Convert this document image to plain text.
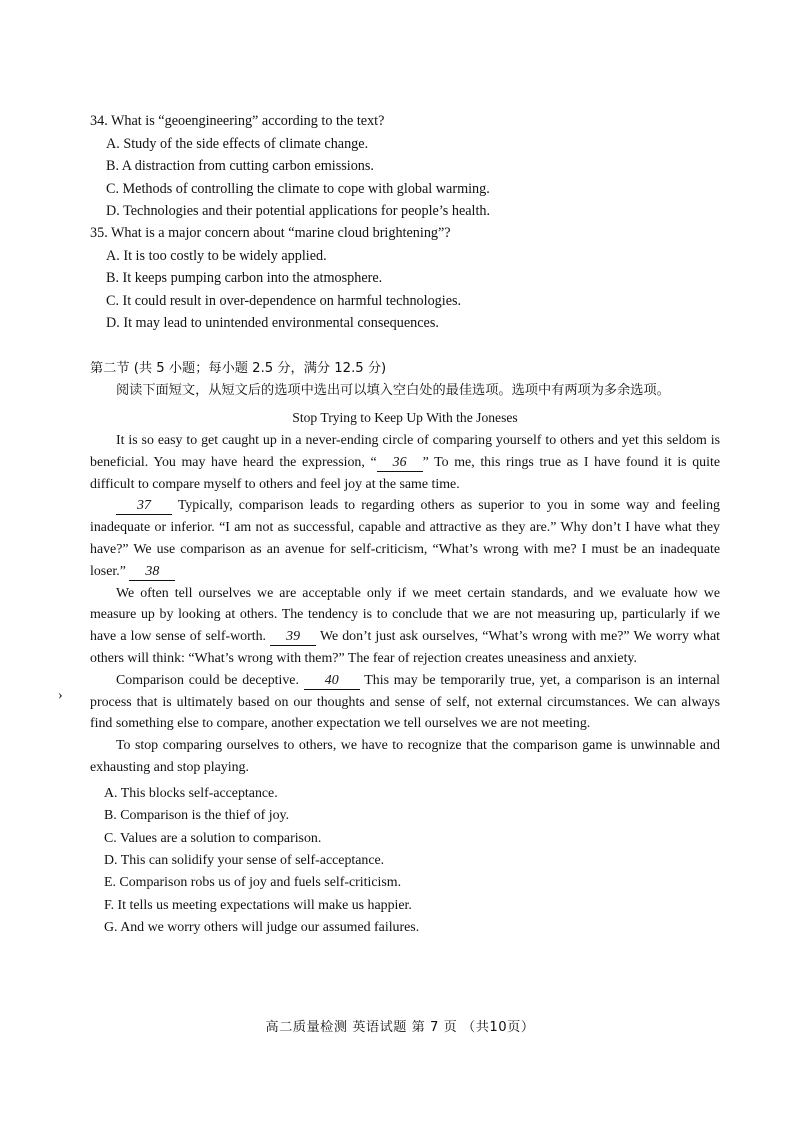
34. What is “geoengineering” according to the text?
A. Study of the side effects of climate change.
B. A distraction from cutting carbon emissions.
C. Methods of controlling the climate to cope with global warming.
D. Technologies and their potential applications for people’s health.
35. What is a major concern about “marine cloud brightening”?
A. It is too costly to be widely applied.
B. It keeps pumping carbon into the atmosphere.
C. It could result in over-dependence on harmful technologies.
D. It may lead to unintended environmental consequences.
第二节 (共 5 小题；每小题 2.5 分，满分 12.5 分)
阅读下面短文，从短文后的选项中选出可以填入空白处的最佳选项。选项中有两项为多余选项。
Stop Trying to Keep Up With the Joneses

It is so easy to get caught up in a never-ending circle of comparing yourself to others and yet this seldom is beneficial. You may have heard the expression, “ 36 ” To me, this rings true as I have found it is quite difficult to compare myself to others and feel joy at the same time.

37 Typically, comparison leads to regarding others as superior to you in some way and feeling inadequate or inferior. “I am not as successful, capable and attractive as they are.” Why don’t I have what they have?” We use comparison as an avenue for self-criticism, “What’s wrong with me? I must be an inadequate loser.” 38

We often tell ourselves we are acceptable only if we meet certain standards, and we evaluate how we measure up by looking at others. The tendency is to conclude that we are not measuring up, particularly if we have a low sense of self-worth. 39 We don’t just ask ourselves, “What’s wrong with me?” We worry what others will think: “What’s wrong with them?” The fear of rejection creates uneasiness and anxiety.

Comparison could be deceptive. 40 This may be temporarily true, yet, a comparison is an internal process that is ultimately based on our thoughts and sense of self, not external circumstances. We can always find something else to compare, another expectation we tell ourselves we are not meeting.

To stop comparing ourselves to others, we have to recognize that the comparison game is unwinnable and exhausting and stop playing.

A. This blocks self-acceptance.
B. Comparison is the thief of joy.
C. Values are a solution to comparison.
D. This can solidify your sense of self-acceptance.
E. Comparison robs us of joy and fuels self-criticism.
F. It tells us meeting expectations will make us happier.
G. And we worry others will judge our assumed failures.
›
高二质量检测 英语试题 第 7 页 （共10页）
